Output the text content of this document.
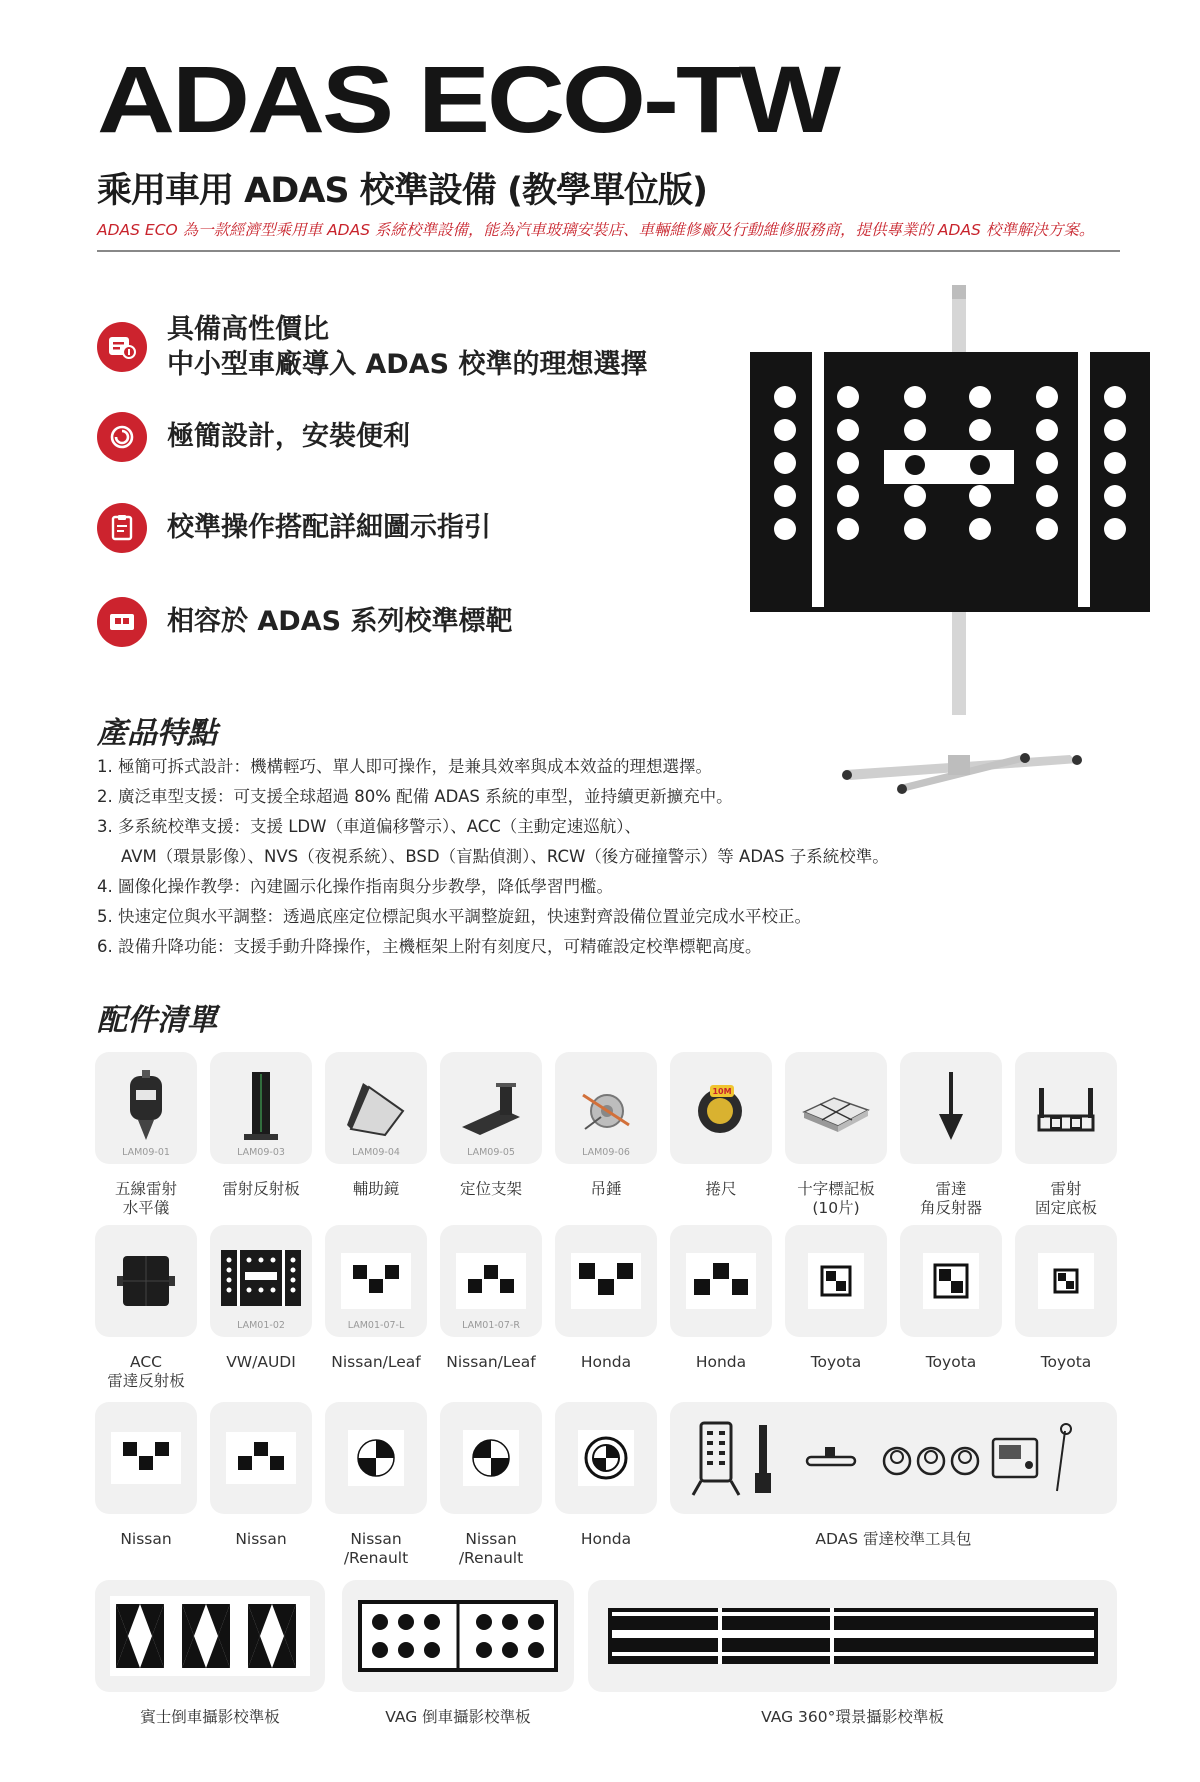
ADAS ECO-TW
乘用車用 ADAS 校準設備 (教學單位版)
ADAS ECO 為一款經濟型乘用車 ADAS 系統校準設備，能為汽車玻璃安裝店、車輛維修廠及行動維修服務商，提供專業的 ADAS 校準解決方案。
具備高性價比
中小型車廠導入 ADAS 校準的理想選擇
極簡設計，安裝便利
校準操作搭配詳細圖示指引
相容於 ADAS 系列校準標靶
產品特點
1. 極簡可拆式設計：機構輕巧、單人即可操作，是兼具效率與成本效益的理想選擇。
2. 廣泛車型支援：可支援全球超過 80% 配備 ADAS 系統的車型，並持續更新擴充中。
3. 多系統校準支援：支援 LDW（車道偏移警示）、ACC（主動定速巡航）、
AVM（環景影像）、NVS（夜視系統）、BSD（盲點偵測）、RCW（後方碰撞警示）等 ADAS 子系統校準。
4. 圖像化操作教學：內建圖示化操作指南與分步教學，降低學習門檻。
5. 快速定位與水平調整：透過底座定位標記與水平調整旋鈕，快速對齊設備位置並完成水平校正。
6. 設備升降功能：支援手動升降操作，主機框架上附有刻度尺，可精確設定校準標靶高度。
配件清單
LAM09-01	LAM09-03	LAM09-04	LAM09-05	LAM09-06
10M
五線雷射
水平儀
雷射反射板	輔助鏡	定位支架	吊錘	捲尺	十字標記板
(10片)
雷達
角反射器
雷射
固定底板
LAM01-02	LAM01-07-L	LAM01-07-R
ACC
雷達反射板
VW/AUDI	Nissan/Leaf	Nissan/Leaf	Honda	Honda	Toyota	Toyota	Toyota
Nissan	Nissan	Nissan
/Renault
Nissan
/Renault
Honda	ADAS 雷達校準工具包
賓士倒車攝影校準板	VAG 倒車攝影校準板	VAG 360°環景攝影校準板
